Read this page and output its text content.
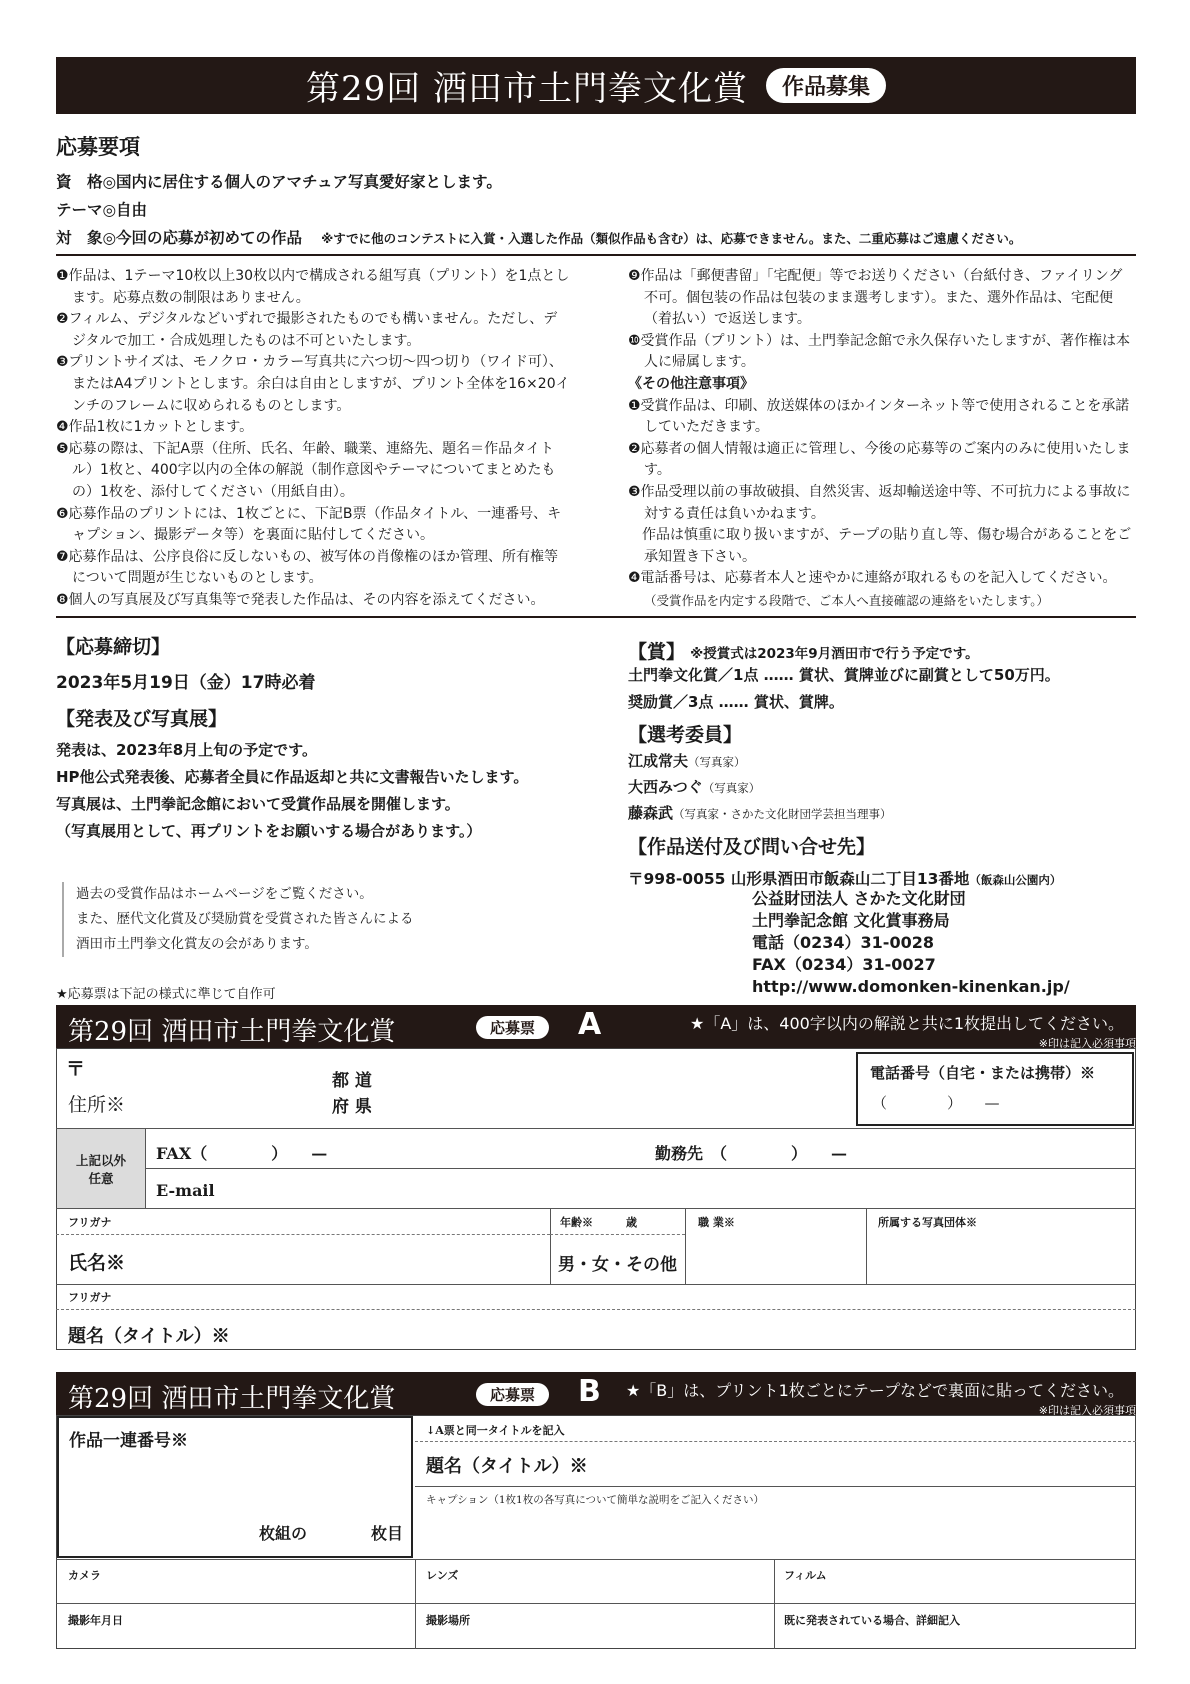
第29回 酒田市土門拳文化賞	作品募集
応募要項
資　格◎国内に居住する個人のアマチュア写真愛好家とします。
テーマ◎自由
対　象◎今回の応募が初めての作品 ※すでに他のコンテストに入賞・入選した作品（類似作品も含む）は、応募できません。また、二重応募はご遠慮ください。
❶作品は、1テーマ10枚以上30枚以内で構成される組写真（プリント）を1点とします。応募点数の制限はありません。
❷フィルム、デジタルなどいずれで撮影されたものでも構いません。ただし、デジタルで加工・合成処理したものは不可といたします。
❸プリントサイズは、モノクロ・カラー写真共に六つ切〜四つ切り（ワイド可）、またはA4プリントとします。余白は自由としますが、プリント全体を16×20インチのフレームに収められるものとします。
❹作品1枚に1カットとします。
❺応募の際は、下記A票（住所、氏名、年齢、職業、連絡先、題名＝作品タイトル）1枚と、400字以内の全体の解説（制作意図やテーマについてまとめたもの）1枚を、添付してください（用紙自由）。
❻応募作品のプリントには、1枚ごとに、下記B票（作品タイトル、一連番号、キャプション、撮影データ等）を裏面に貼付してください。
❼応募作品は、公序良俗に反しないもの、被写体の肖像権のほか管理、所有権等について問題が生じないものとします。
❽個人の写真展及び写真集等で発表した作品は、その内容を添えてください。
❾作品は「郵便書留」「宅配便」等でお送りください（台紙付き、ファイリング不可。個包装の作品は包装のまま選考します）。また、選外作品は、宅配便（着払い）で返送します。
❿受賞作品（プリント）は、土門拳記念館で永久保存いたしますが、著作権は本人に帰属します。
《その他注意事項》
❶受賞作品は、印刷、放送媒体のほかインターネット等で使用されることを承諾していただきます。
❷応募者の個人情報は適正に管理し、今後の応募等のご案内のみに使用いたします。
❸作品受理以前の事故破損、自然災害、返却輸送途中等、不可抗力による事故に対する責任は負いかねます。
　作品は慎重に取り扱いますが、テープの貼り直し等、傷む場合があることをご承知置き下さい。
❹電話番号は、応募者本人と速やかに連絡が取れるものを記入してください。
（受賞作品を内定する段階で、ご本人へ直接確認の連絡をいたします。）
【応募締切】
2023年5月19日（金）17時必着
【発表及び写真展】
発表は、2023年8月上旬の予定です。
HP他公式発表後、応募者全員に作品返却と共に文書報告いたします。
写真展は、土門拳記念館において受賞作品展を開催します。
（写真展用として、再プリントをお願いする場合があります。）
過去の受賞作品はホームページをご覧ください。
また、歴代文化賞及び奨励賞を受賞された皆さんによる
酒田市土門拳文化賞友の会があります。
★応募票は下記の様式に準じて自作可
【賞】 ※授賞式は2023年9月酒田市で行う予定です。
土門拳文化賞／1点 …… 賞状、賞牌並びに副賞として50万円。
奨励賞／3点 …… 賞状、賞牌。
【選考委員】
江成常夫（写真家）
大西みつぐ（写真家）
藤森武（写真家・さかた文化財団学芸担当理事）
【作品送付及び問い合せ先】
〒998-0055 山形県酒田市飯森山二丁目13番地（飯森山公園内）
公益財団法人 さかた文化財団
土門拳記念館 文化賞事務局
電話（0234）31-0028
FAX（0234）31-0027
http://www.domonken-kinenkan.jp/
第29回 酒田市土門拳文化賞	応募票	A	★「A」は、400字以内の解説と共に1枚提出してください。
※印は記入必須事項
〒
住所※
都 道
府 県
電話番号（自宅・または携帯）※
（　　　　）　　—
上記以外
任意
FAX（　　　　）　　—	勤務先　（　　　　）　　—
E-mail
フリガナ
氏名※
年齢※　　　歳
男・女・その他
職 業※	所属する写真団体※
フリガナ
題名（タイトル）※
第29回 酒田市土門拳文化賞	応募票	B ★「B」は、プリント1枚ごとにテープなどで裏面に貼ってください。
※印は記入必須事項
作品一連番号※
枚組の　　　　枚目
↓A票と同一タイトルを記入
題名（タイトル）※
キャプション（1枚1枚の各写真について簡単な説明をご記入ください）
カメラ	レンズ	フィルム
撮影年月日	撮影場所	既に発表されている場合、詳細記入
